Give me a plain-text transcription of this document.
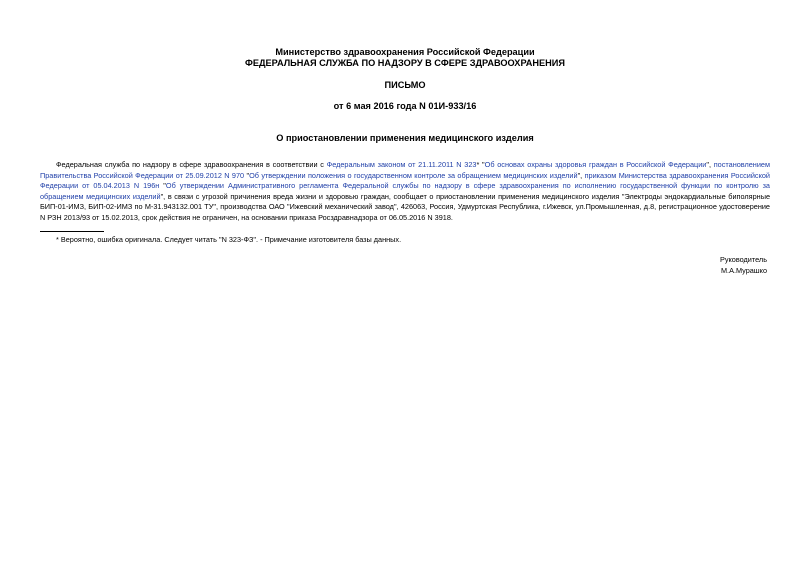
Министерство здравоохранения Российской Федерации
ФЕДЕРАЛЬНАЯ СЛУЖБА ПО НАДЗОРУ В СФЕРЕ ЗДРАВООХРАНЕНИЯ
ПИСЬМО
от 6 мая 2016 года N 01И-933/16
О приостановлении применения медицинского изделия

Федеральная служба по надзору в сфере здравоохранения в соответствии с Федеральным законом от 21.11.2011 N 323* "Об основах охраны здоровья граждан в Российской Федерации", постановлением Правительства Российской Федерации от 25.09.2012 N 970 "Об утверждении положения о государственном контроле за обращением медицинских изделий", приказом Министерства здравоохранения Российской Федерации от 05.04.2013 N 196н "Об утверждении Административного регламента Федеральной службы по надзору в сфере здравоохранения по исполнению государственной функции по контролю за обращением медицинских изделий", в связи с угрозой причинения вреда жизни и здоровью граждан, сообщает о приостановлении применения медицинского изделия "Электроды эндокардиальные биполярные БИП-01-ИМЗ, БИП-02-ИМЗ по М-31.943132.001 ТУ", производства ОАО "Ижевский механический завод", 426063, Россия, Удмуртская Республика, г.Ижевск, ул.Промышленная, д.8, регистрационное удостоверение N РЗН 2013/93 от 15.02.2013, срок действия не ограничен, на основании приказа Росздравнадзора от 06.05.2016 N 3918.

* Вероятно, ошибка оригинала. Следует читать "N 323-ФЗ". - Примечание изготовителя базы данных.
Руководитель
М.А.Мурашко
